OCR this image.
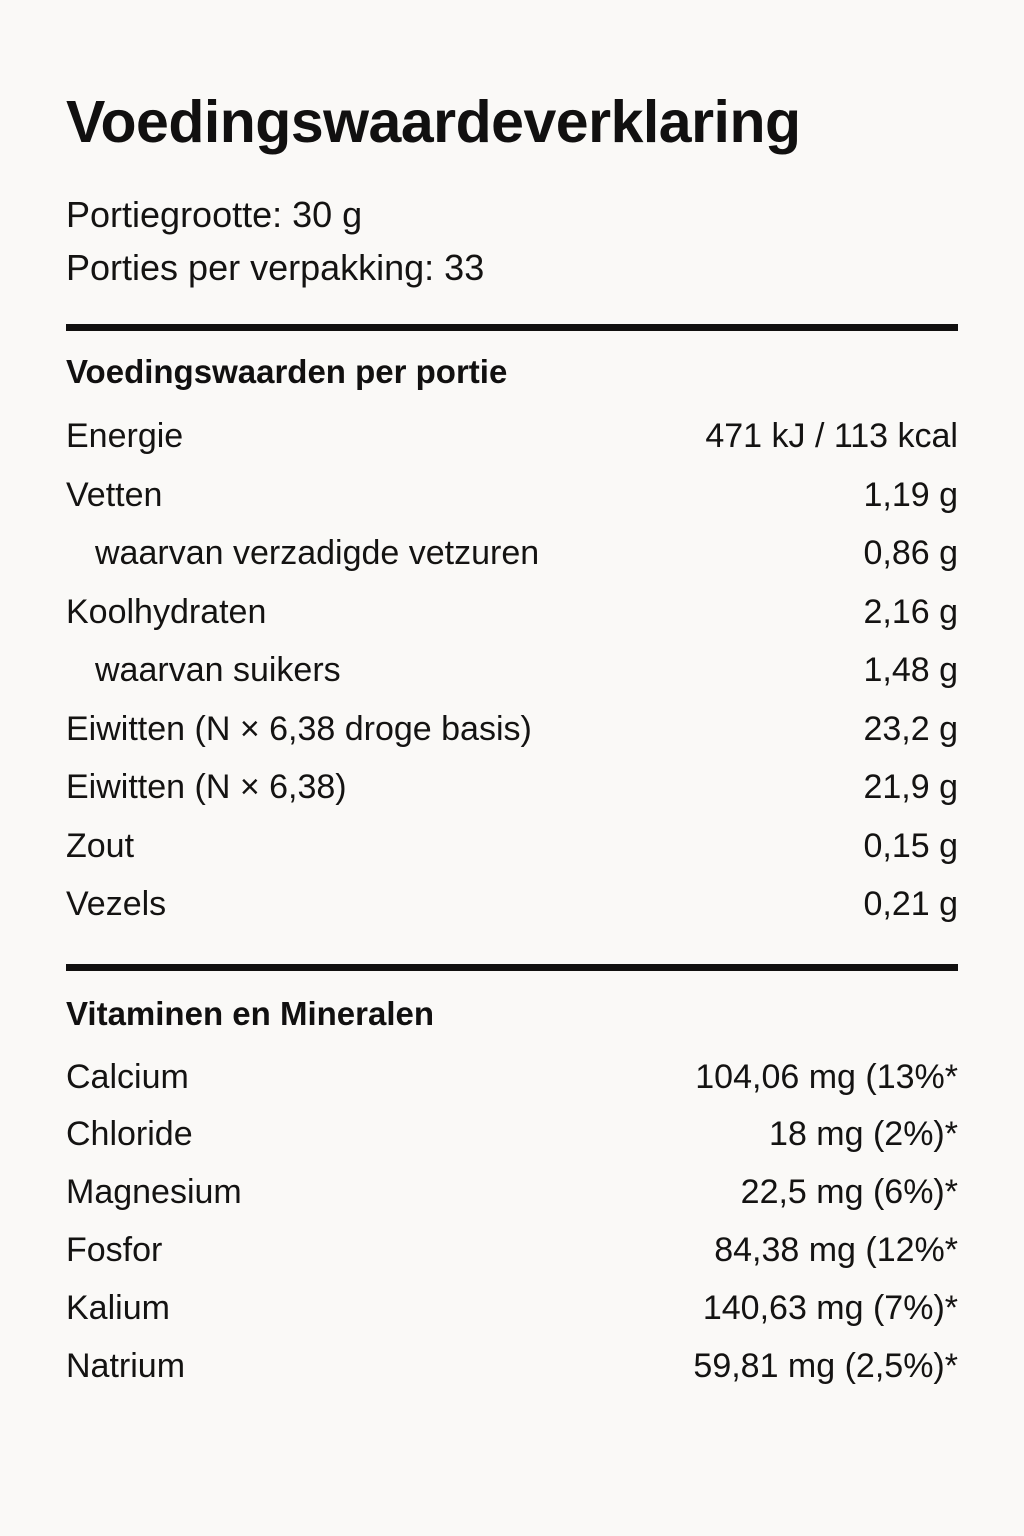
Voedingswaardeverklaring
Portiegrootte: 30 g
Porties per verpakking: 33
Voedingswaarden per portie
Energie	471 kJ / 113 kcal
Vetten	1,19 g
waarvan verzadigde vetzuren	0,86 g
Koolhydraten	2,16 g
waarvan suikers	1,48 g
Eiwitten (N × 6,38 droge basis)	23,2 g
Eiwitten (N × 6,38)	21,9 g
Zout	0,15 g
Vezels	0,21 g
Vitaminen en Mineralen
Calcium	104,06 mg (13%*
Chloride	18 mg (2%)*
Magnesium	22,5 mg (6%)*
Fosfor	84,38 mg (12%*
Kalium	140,63 mg (7%)*
Natrium	59,81 mg (2,5%)*
